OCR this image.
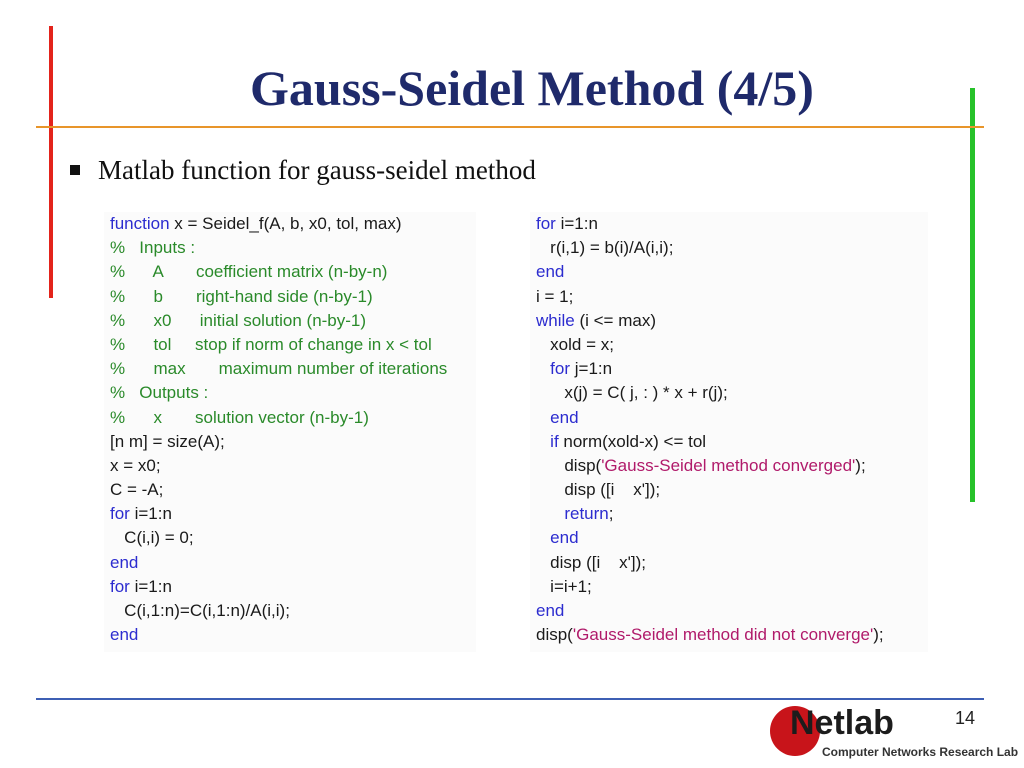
Gauss-Seidel Method (4/5)
Matlab function for gauss-seidel method
function x = Seidel_f(A, b, x0, tol, max)
%   Inputs :
%      A       coefficient matrix (n-by-n)
%      b       right-hand side (n-by-1)
%      x0      initial solution (n-by-1)
%      tol     stop if norm of change in x < tol
%      max       maximum number of iterations
%   Outputs :
%      x       solution vector (n-by-1)
[n m] = size(A);
x = x0;
C = -A;
for i=1:n
C(i,i) = 0;
end
for i=1:n
C(i,1:n)=C(i,1:n)/A(i,i);
end
for i=1:n
r(i,1) = b(i)/A(i,i);
end
i = 1;
while (i <= max)
xold = x;
for j=1:n
x(j) = C( j, : ) * x + r(j);
end
if norm(xold-x) <= tol
disp('Gauss-Seidel method converged');
disp ([i    x']);
return;
end
disp ([i    x']);
i=i+1;
end
disp('Gauss-Seidel method did not converge');
14
Netlab
Computer Networks Research Lab
